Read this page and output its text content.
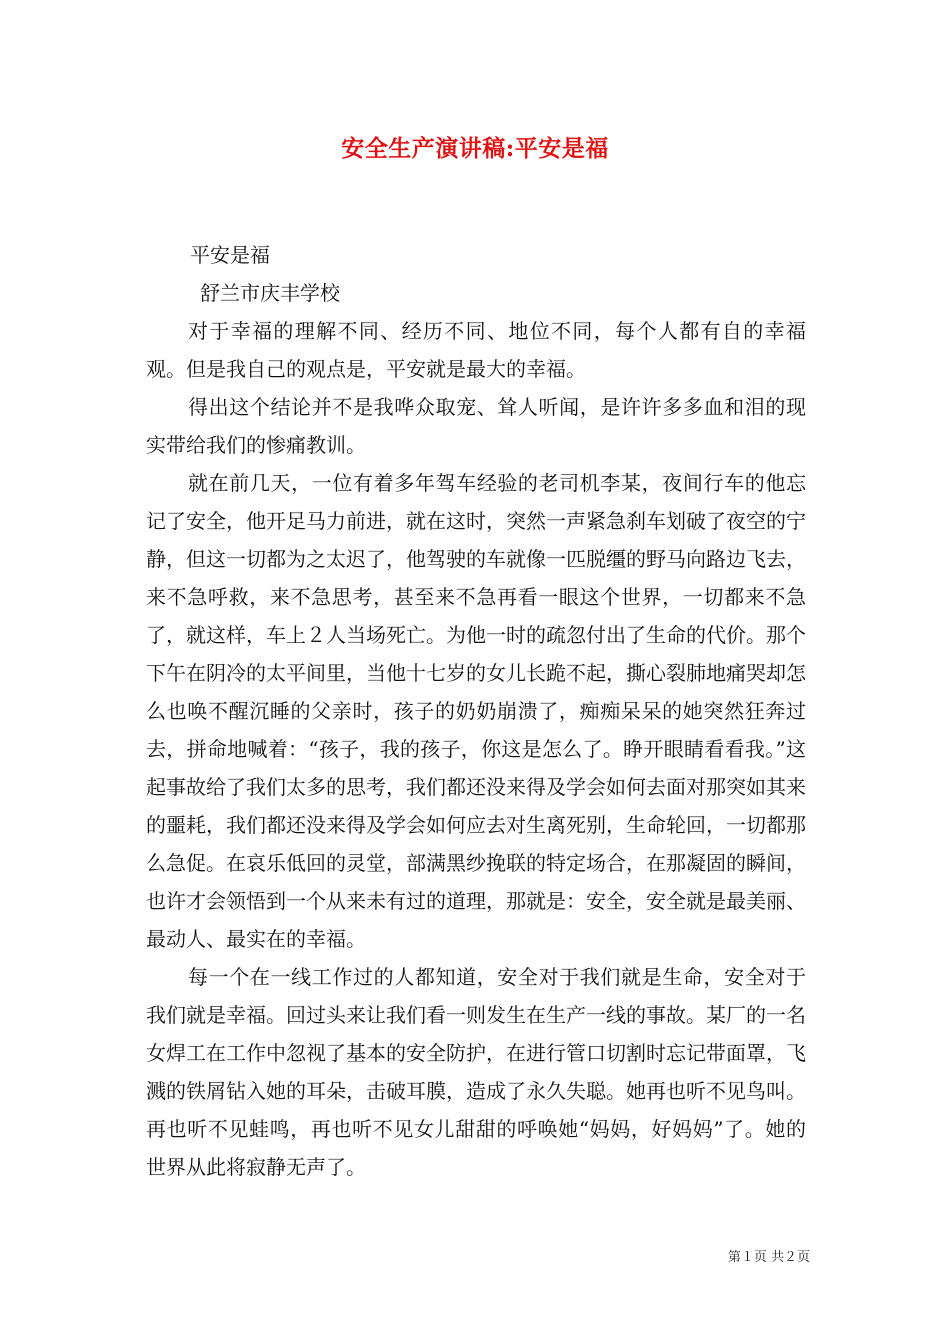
安全生产演讲稿:平安是福

平安是福

舒兰市庆丰学校

对于幸福的理解不同、经历不同、地位不同，每个人都有自的幸福观。但是我自己的观点是，平安就是最大的幸福。

得出这个结论并不是我哗众取宠、耸人听闻，是许许多多血和泪的现实带给我们的惨痛教训。

就在前几天，一位有着多年驾车经验的老司机李某，夜间行车的他忘记了安全，他开足马力前进，就在这时，突然一声紧急刹车划破了夜空的宁静，但这一切都为之太迟了，他驾驶的车就像一匹脱缰的野马向路边飞去，来不急呼救，来不急思考，甚至来不急再看一眼这个世界，一切都来不急了，就这样，车上２人当场死亡。为他一时的疏忽付出了生命的代价。那个下午在阴冷的太平间里，当他十七岁的女儿长跪不起，撕心裂肺地痛哭却怎么也唤不醒沉睡的父亲时，孩子的奶奶崩溃了，痴痴呆呆的她突然狂奔过去，拼命地喊着：“孩子，我的孩子，你这是怎么了。睁开眼睛看看我。”这起事故给了我们太多的思考，我们都还没来得及学会如何去面对那突如其来的噩耗，我们都还没来得及学会如何应去对生离死别，生命轮回，一切都那么急促。在哀乐低回的灵堂，部满黑纱挽联的特定场合，在那凝固的瞬间，也许才会领悟到一个从来未有过的道理，那就是：安全，安全就是最美丽、最动人、最实在的幸福。

每一个在一线工作过的人都知道，安全对于我们就是生命，安全对于我们就是幸福。回过头来让我们看一则发生在生产一线的事故。某厂的一名女焊工在工作中忽视了基本的安全防护，在进行管口切割时忘记带面罩，飞溅的铁屑钻入她的耳朵，击破耳膜，造成了永久失聪。她再也听不见鸟叫。再也听不见蛙鸣，再也听不见女儿甜甜的呼唤她“妈妈，好妈妈”了。她的世界从此将寂静无声了。

第１页 共２页
